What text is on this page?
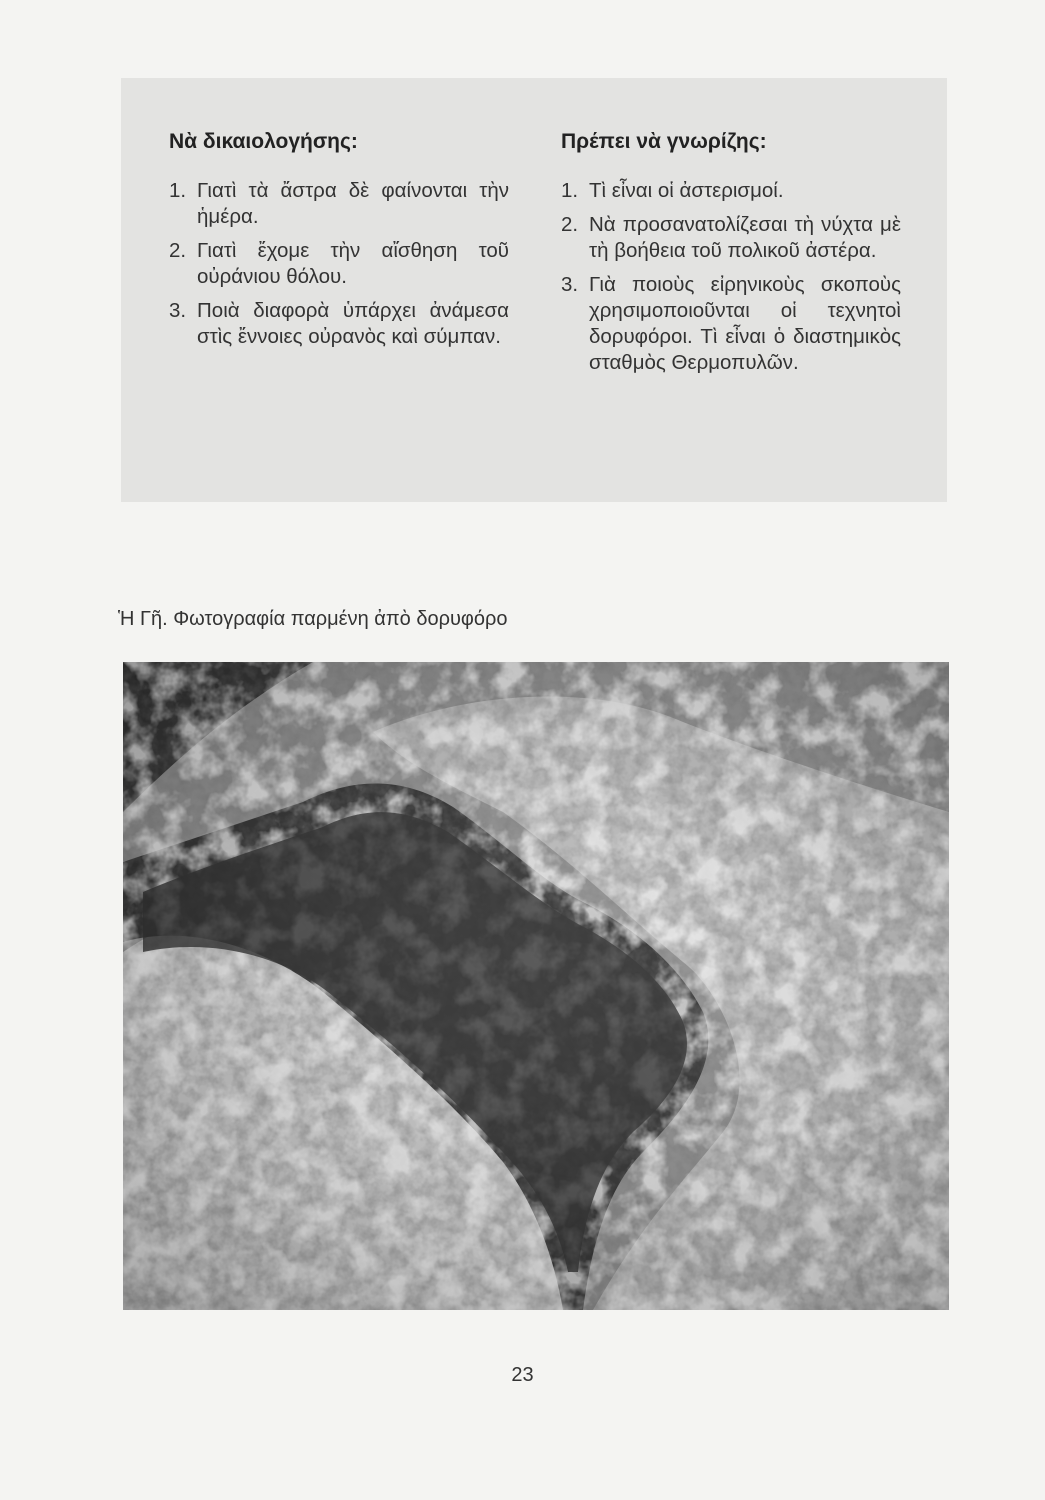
Νὰ δικαιολογήσης:
1. Γιατὶ τὰ ἄστρα δὲ φαίνονται τὴν ἡμέρα.
2. Γιατὶ ἔχομε τὴν αἴσθηση τοῦ οὐράνιου θόλου.
3. Ποιὰ διαφορὰ ὑπάρχει ἀνάμεσα στὶς ἔννοιες οὐρανὸς καὶ σύμπαν.
Πρέπει νὰ γνωρίζης:
1. Τὶ εἶναι οἱ ἀστερισμοί.
2. Νὰ προσανατολίζεσαι τὴ νύχτα μὲ τὴ βοήθεια τοῦ πολικοῦ ἀστέρα.
3. Γιὰ ποιοὺς εἰρηνικοὺς σκοποὺς χρησιμοποιοῦνται οἱ τεχνητοὶ δορυφόροι. Τὶ εἶναι ὁ διαστημικὸς σταθμὸς Θερμοπυλῶν.

Ἡ Γῆ. Φωτογραφία παρμένη ἀπὸ δορυφόρο

23
